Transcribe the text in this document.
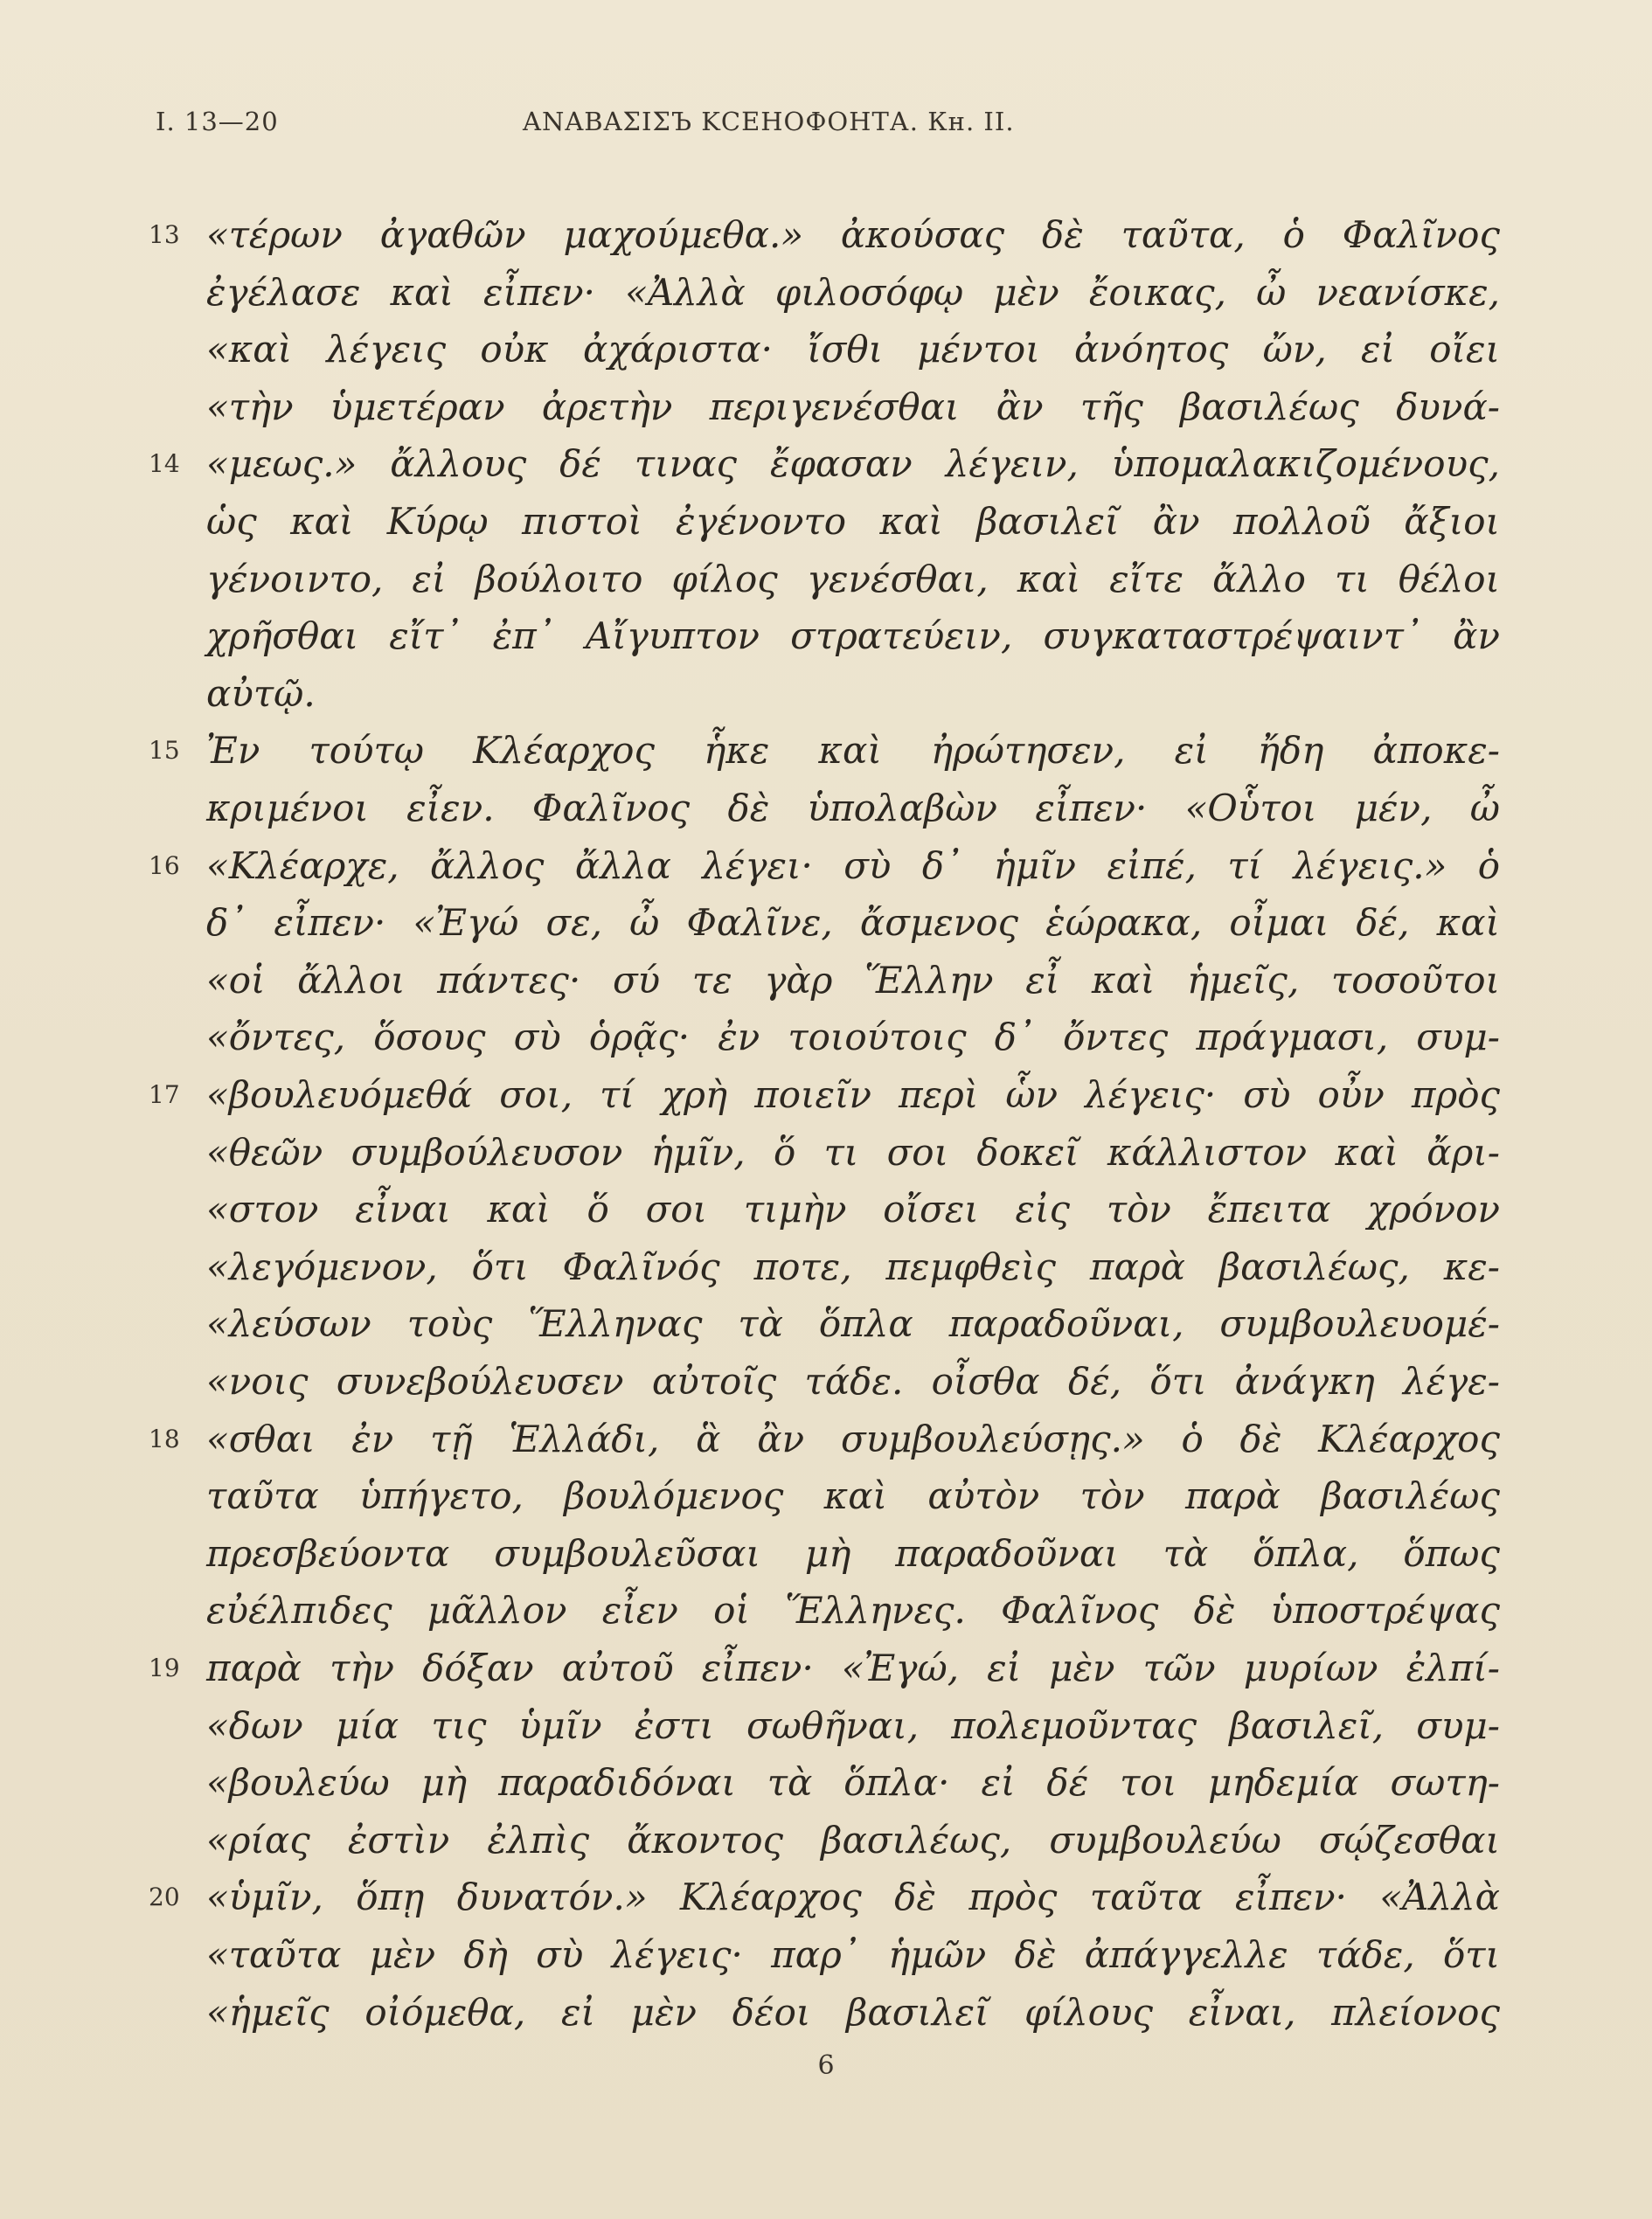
I. 13—20	ΑΝΑΒΑΣΙΣЪ ΚСЕНОФОНТА. Кн. II.
13 «τέρων ἀγαθῶν μαχούμεθα.» ἀκούσας δὲ ταῦτα, ὁ Φαλῖνος
ἐγέλασε καὶ εἶπεν· «Ἀλλὰ φιλοσόφῳ μὲν ἔοικας, ὦ νεανίσκε,
«καὶ λέγεις οὐκ ἀχάριστα· ἴσθι μέντοι ἀνόητος ὤν, εἰ οἴει
«τὴν ὑμετέραν ἀρετὴν περιγενέσθαι ἂν τῆς βασιλέως δυνά-
14 «μεως.» ἄλλους δέ τινας ἔφασαν λέγειν, ὑπομαλακιζομένους,
ὡς καὶ Κύρῳ πιστοὶ ἐγένοντο καὶ βασιλεῖ ἂν πολλοῦ ἄξιοι
γένοιντο, εἰ βούλοιτο φίλος γενέσθαι, καὶ εἴτε ἄλλο τι θέλοι
χρῆσθαι εἴτ᾽ ἐπ᾽ Αἴγυπτον στρατεύειν, συγκαταστρέψαιντ᾽ ἂν
αὐτῷ.
15 Ἐν τούτῳ Κλέαρχος ἧκε καὶ ἠρώτησεν, εἰ ἤδη ἀποκε-
κριμένοι εἶεν. Φαλῖνος δὲ ὑπολαβὼν εἶπεν· «Οὗτοι μέν, ὦ
16 «Κλέαρχε, ἄλλος ἄλλα λέγει· σὺ δ᾽ ἡμῖν εἰπέ, τί λέγεις.» ὁ
δ᾽ εἶπεν· «Ἐγώ σε, ὦ Φαλῖνε, ἄσμενος ἑώρακα, οἶμαι δέ, καὶ
«οἱ ἄλλοι πάντες· σύ τε γὰρ Ἕλλην εἶ καὶ ἡμεῖς, τοσοῦτοι
«ὄντες, ὅσους σὺ ὁρᾷς· ἐν τοιούτοις δ᾽ ὄντες πράγμασι, συμ-
17 «βουλευόμεθά σοι, τί χρὴ ποιεῖν περὶ ὧν λέγεις· σὺ οὖν πρὸς
«θεῶν συμβούλευσον ἡμῖν, ὅ τι σοι δοκεῖ κάλλιστον καὶ ἄρι-
«στον εἶναι καὶ ὅ σοι τιμὴν οἴσει εἰς τὸν ἔπειτα χρόνον
«λεγόμενον, ὅτι Φαλῖνός ποτε, πεμφθεὶς παρὰ βασιλέως, κε-
«λεύσων τοὺς Ἕλληνας τὰ ὅπλα παραδοῦναι, συμβουλευομέ-
«νοις συνεβούλευσεν αὐτοῖς τάδε. οἶσθα δέ, ὅτι ἀνάγκη λέγε-
18 «σθαι ἐν τῇ Ἑλλάδι, ἃ ἂν συμβουλεύσῃς.» ὁ δὲ Κλέαρχος
ταῦτα ὑπήγετο, βουλόμενος καὶ αὐτὸν τὸν παρὰ βασιλέως
πρεσβεύοντα συμβουλεῦσαι μὴ παραδοῦναι τὰ ὅπλα, ὅπως
εὐέλπιδες μᾶλλον εἶεν οἱ Ἕλληνες. Φαλῖνος δὲ ὑποστρέψας
19 παρὰ τὴν δόξαν αὐτοῦ εἶπεν· «Ἐγώ, εἰ μὲν τῶν μυρίων ἐλπί-
«δων μία τις ὑμῖν ἐστι σωθῆναι, πολεμοῦντας βασιλεῖ, συμ-
«βουλεύω μὴ παραδιδόναι τὰ ὅπλα· εἰ δέ τοι μηδεμία σωτη-
«ρίας ἐστὶν ἐλπὶς ἄκοντος βασιλέως, συμβουλεύω σῴζεσθαι
20 «ὑμῖν, ὅπῃ δυνατόν.» Κλέαρχος δὲ πρὸς ταῦτα εἶπεν· «Ἀλλὰ
«ταῦτα μὲν δὴ σὺ λέγεις· παρ᾽ ἡμῶν δὲ ἀπάγγελλε τάδε, ὅτι
«ἡμεῖς οἰόμεθα, εἰ μὲν δέοι βασιλεῖ φίλους εἶναι, πλείονος
6
